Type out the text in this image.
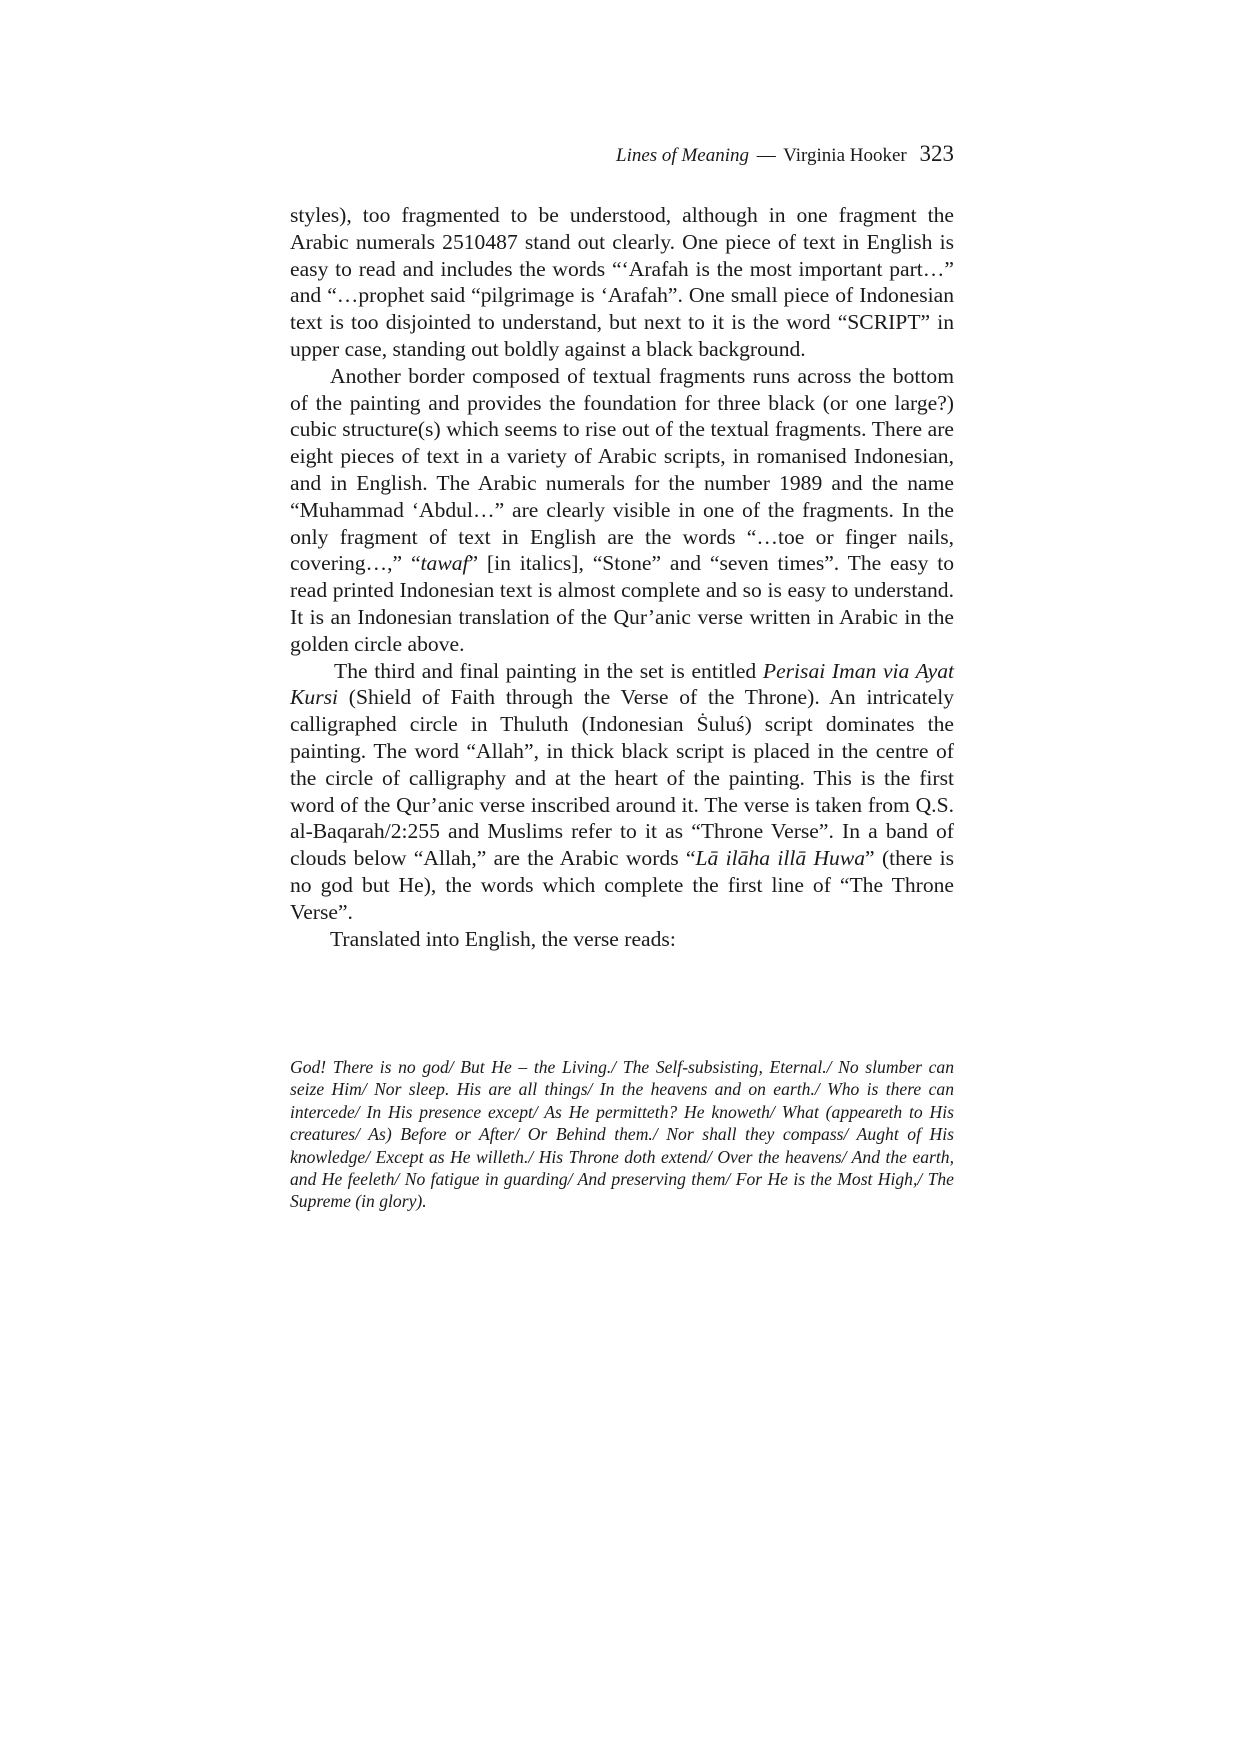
Lines of Meaning — Virginia Hooker 323

styles), too fragmented to be understood, although in one fragment the Arabic numerals 2510487 stand out clearly. One piece of text in English is easy to read and includes the words “‘Arafah is the most important part…” and “…prophet said “pilgrimage is ‘Arafah”. One small piece of Indonesian text is too disjointed to understand, but next to it is the word “SCRIPT” in upper case, standing out boldly against a black background.

Another border composed of textual fragments runs across the bottom of the painting and provides the foundation for three black (or one large?) cubic structure(s) which seems to rise out of the textual fragments. There are eight pieces of text in a variety of Arabic scripts, in romanised Indonesian, and in English. The Arabic numerals for the number 1989 and the name “Muhammad ‘Abdul…” are clearly visible in one of the fragments. In the only fragment of text in English are the words “…toe or finger nails, covering…,” “tawaf” [in italics], “Stone” and “seven times”. The easy to read printed Indonesian text is almost complete and so is easy to understand. It is an Indonesian translation of the Qur’anic verse written in Arabic in the golden circle above.

The third and final painting in the set is entitled Perisai Iman via Ayat Kursi (Shield of Faith through the Verse of the Throne). An intricately calligraphed circle in Thuluth (Indonesian Ṡuluś) script dominates the painting. The word “Allah”, in thick black script is placed in the centre of the circle of calligraphy and at the heart of the painting. This is the first word of the Qur’anic verse inscribed around it. The verse is taken from Q.S. al-Baqarah/2:255 and Muslims refer to it as “Throne Verse”. In a band of clouds below “Allah,” are the Arabic words “Lā ilāha illā Huwa” (there is no god but He), the words which complete the first line of “The Throne Verse”.

Translated into English, the verse reads:

God! There is no god/ But He – the Living./ The Self-subsisting, Eternal./ No slumber can seize Him/ Nor sleep. His are all things/ In the heavens and on earth./ Who is there can intercede/ In His presence except/ As He permitteth? He knoweth/ What (appeareth to His creatures/ As) Before or After/ Or Behind them./ Nor shall they compass/ Aught of His knowledge/ Except as He willeth./ His Throne doth extend/ Over the heavens/ And the earth, and He feeleth/ No fatigue in guarding/ And preserving them/ For He is the Most High,/ The Supreme (in glory).
